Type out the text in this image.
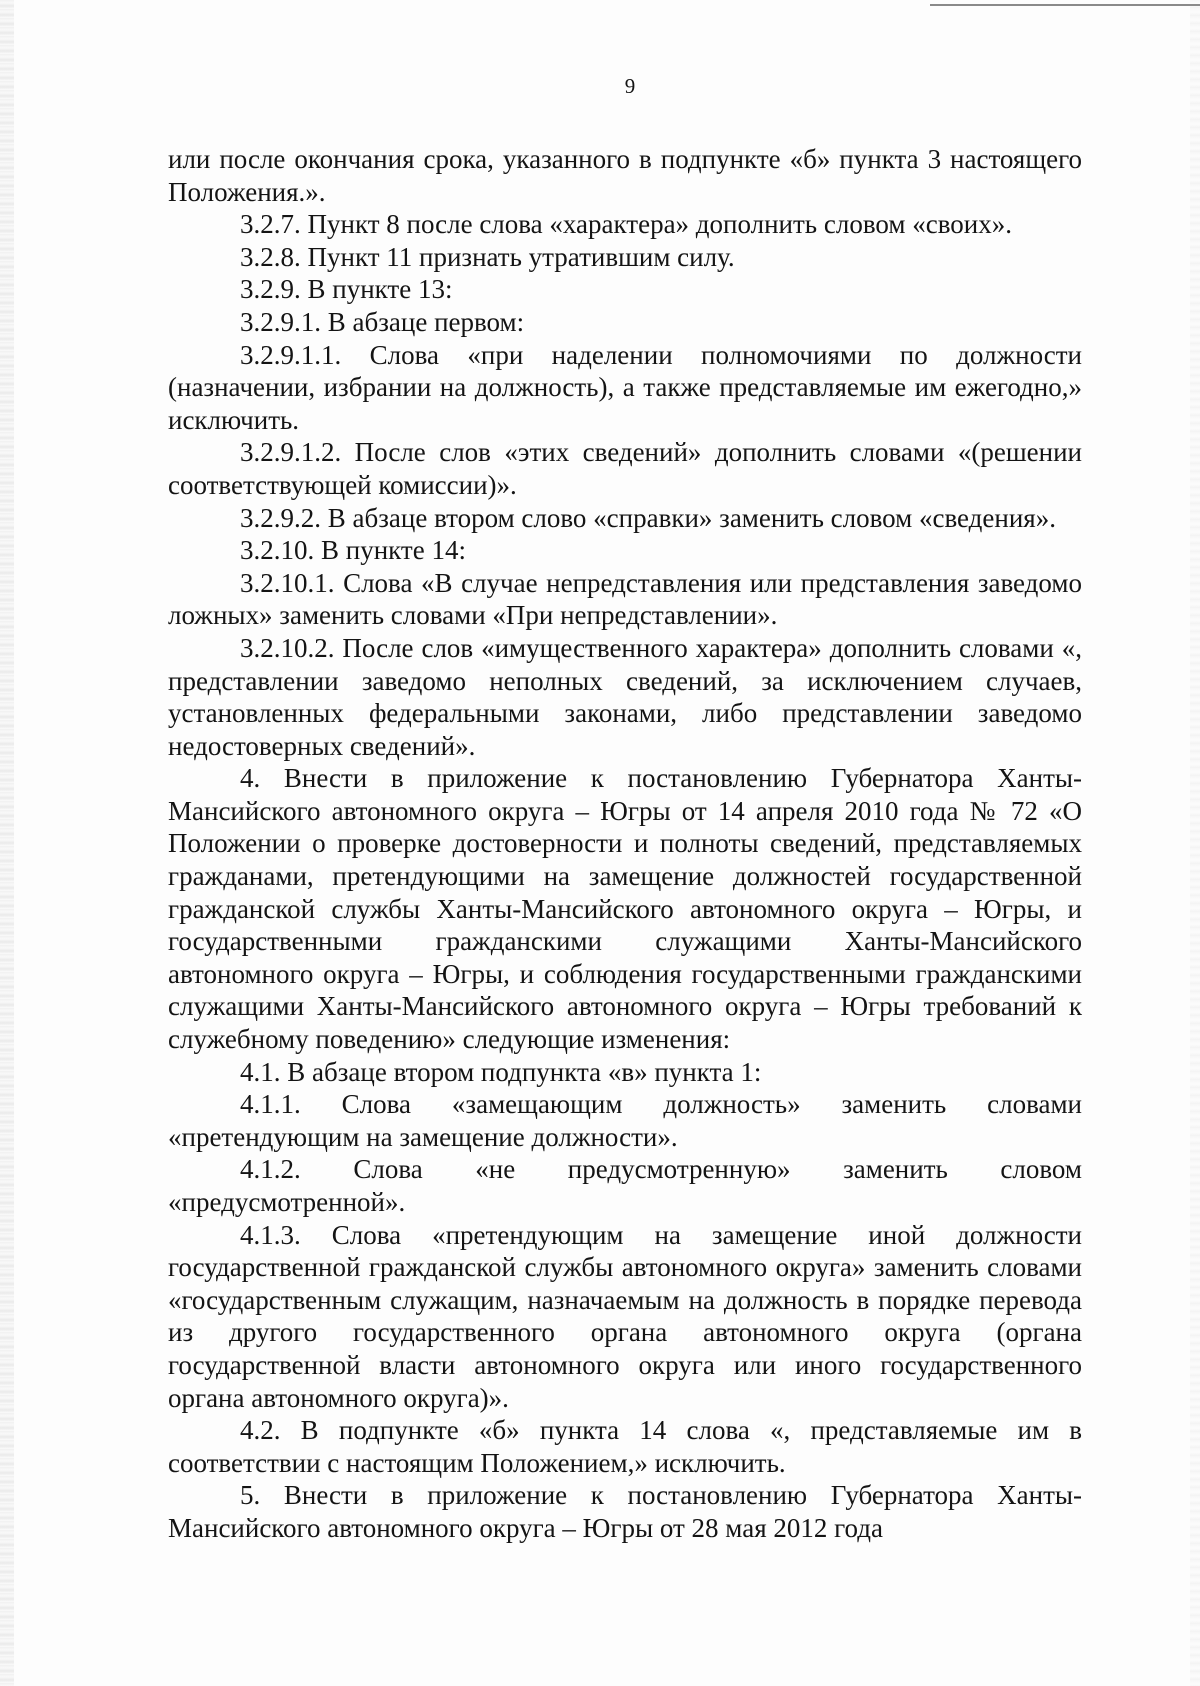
9

или после окончания срока, указанного в подпункте «б» пункта 3 настоящего Положения.».

3.2.7. Пункт 8 после слова «характера» дополнить словом «своих».

3.2.8. Пункт 11 признать утратившим силу.

3.2.9. В пункте 13:

3.2.9.1. В абзаце первом:

3.2.9.1.1. Слова «при наделении полномочиями по должности (назначении, избрании на должность), а также представляемые им ежегодно,» исключить.

3.2.9.1.2. После слов «этих сведений» дополнить словами «(решении соответствующей комиссии)».

3.2.9.2. В абзаце втором слово «справки» заменить словом «сведения».

3.2.10. В пункте 14:

3.2.10.1. Слова «В случае непредставления или представления заведомо ложных» заменить словами «При непредставлении».

3.2.10.2. После слов «имущественного характера» дополнить словами «, представлении заведомо неполных сведений, за исключением случаев, установленных федеральными законами, либо представлении заведомо недостоверных сведений».

4. Внести в приложение к постановлению Губернатора Ханты-Мансийского автономного округа – Югры от 14 апреля 2010 года № 72 «О Положении о проверке достоверности и полноты сведений, представляемых гражданами, претендующими на замещение должностей государственной гражданской службы Ханты-Мансийского автономного округа – Югры, и государственными гражданскими служащими Ханты-Мансийского автономного округа – Югры, и соблюдения государственными гражданскими служащими Ханты-Мансийского автономного округа – Югры требований к служебному поведению» следующие изменения:

4.1. В абзаце втором подпункта «в» пункта 1:

4.1.1. Слова «замещающим должность» заменить словами «претендующим на замещение должности».

4.1.2. Слова «не предусмотренную» заменить словом «предусмотренной».

4.1.3. Слова «претендующим на замещение иной должности государственной гражданской службы автономного округа» заменить словами «государственным служащим, назначаемым на должность в порядке перевода из другого государственного органа автономного округа (органа государственной власти автономного округа или иного государственного органа автономного округа)».

4.2. В подпункте «б» пункта 14 слова «, представляемые им в соответствии с настоящим Положением,» исключить.

5. Внести в приложение к постановлению Губернатора Ханты-Мансийского автономного округа – Югры от 28 мая 2012 года
